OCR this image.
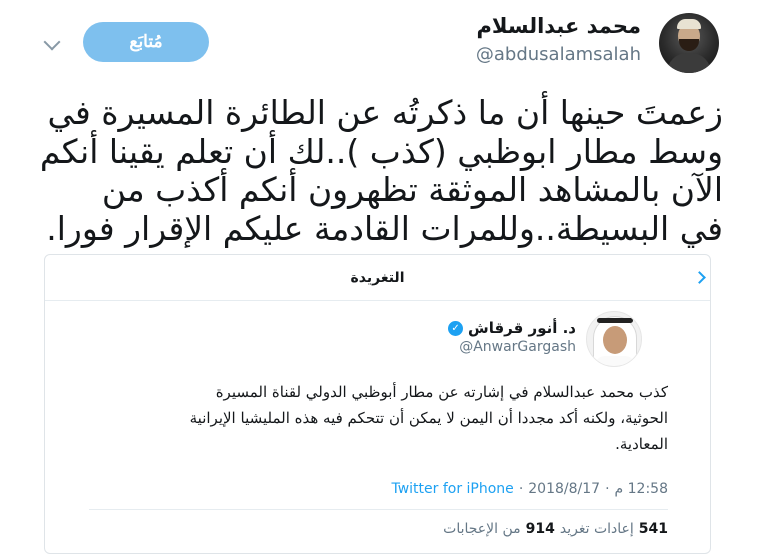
محمد عبدالسلام
@abdusalamsalah
مُتابَع
زعمتَ حينها أن ما ذكرتُه عن الطائرة المسيرة في
وسط مطار ابوظبي (كذب )..لك أن تعلم يقينا أنكم
الآن بالمشاهد الموثقة تظهرون أنكم أكذب من
في البسيطة..وللمرات القادمة عليكم الإقرار فورا.
التغريدة
د. أنور قرقاش
✓
@AnwarGargash
كذب محمد عبدالسلام في إشارته عن مطار أبوظبي الدولي لقناة المسيرة
الحوثية، ولكنه أكد مجددا أن اليمن لا يمكن أن تتحكم فيه هذه المليشيا الإيرانية
المعادية.
12:58 م
·
2018/8/17
·
Twitter for iPhone
541
إعادات تغريد
914
من الإعجابات
